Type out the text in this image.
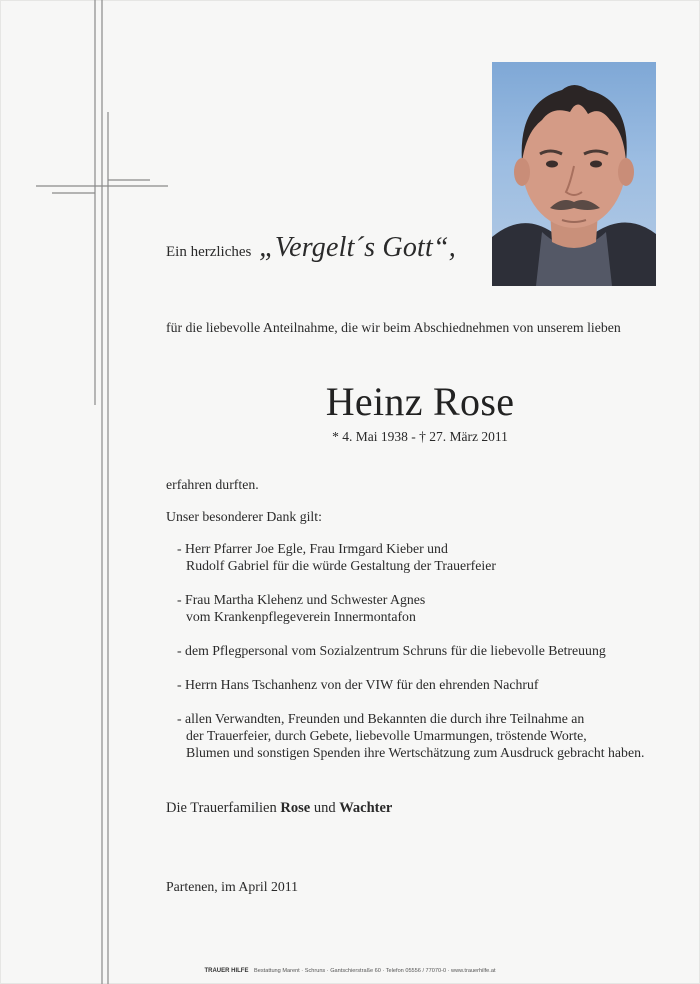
Ein herzliches „Vergelt´s Gott“,
für die liebevolle Anteilnahme, die wir beim Abschiednehmen von unserem lieben
Heinz Rose
* 4. Mai 1938 - † 27. März 2011
erfahren durften.
Unser besonderer Dank gilt:
- Herr Pfarrer Joe Egle, Frau Irmgard Kieber und
Rudolf Gabriel für die würde Gestaltung der Trauerfeier
- Frau Martha Klehenz und Schwester Agnes
vom Krankenpflegeverein Innermontafon
- dem Pflegpersonal vom Sozialzentrum Schruns für die liebevolle Betreuung
- Herrn Hans Tschanhenz von der VIW für den ehrenden Nachruf
- allen Verwandten, Freunden und Bekannten die durch ihre Teilnahme an
der Trauerfeier, durch Gebete, liebevolle Umarmungen, tröstende Worte,
Blumen und sonstigen Spenden ihre Wertschätzung zum Ausdruck gebracht haben.
Die Trauerfamilien Rose und Wachter
Partenen, im April 2011
TRAUER HILFE Bestattung Marent · Schruns · Gantschierstraße 60 · Telefon 05556 / 77070-0 · www.trauerhilfe.at
